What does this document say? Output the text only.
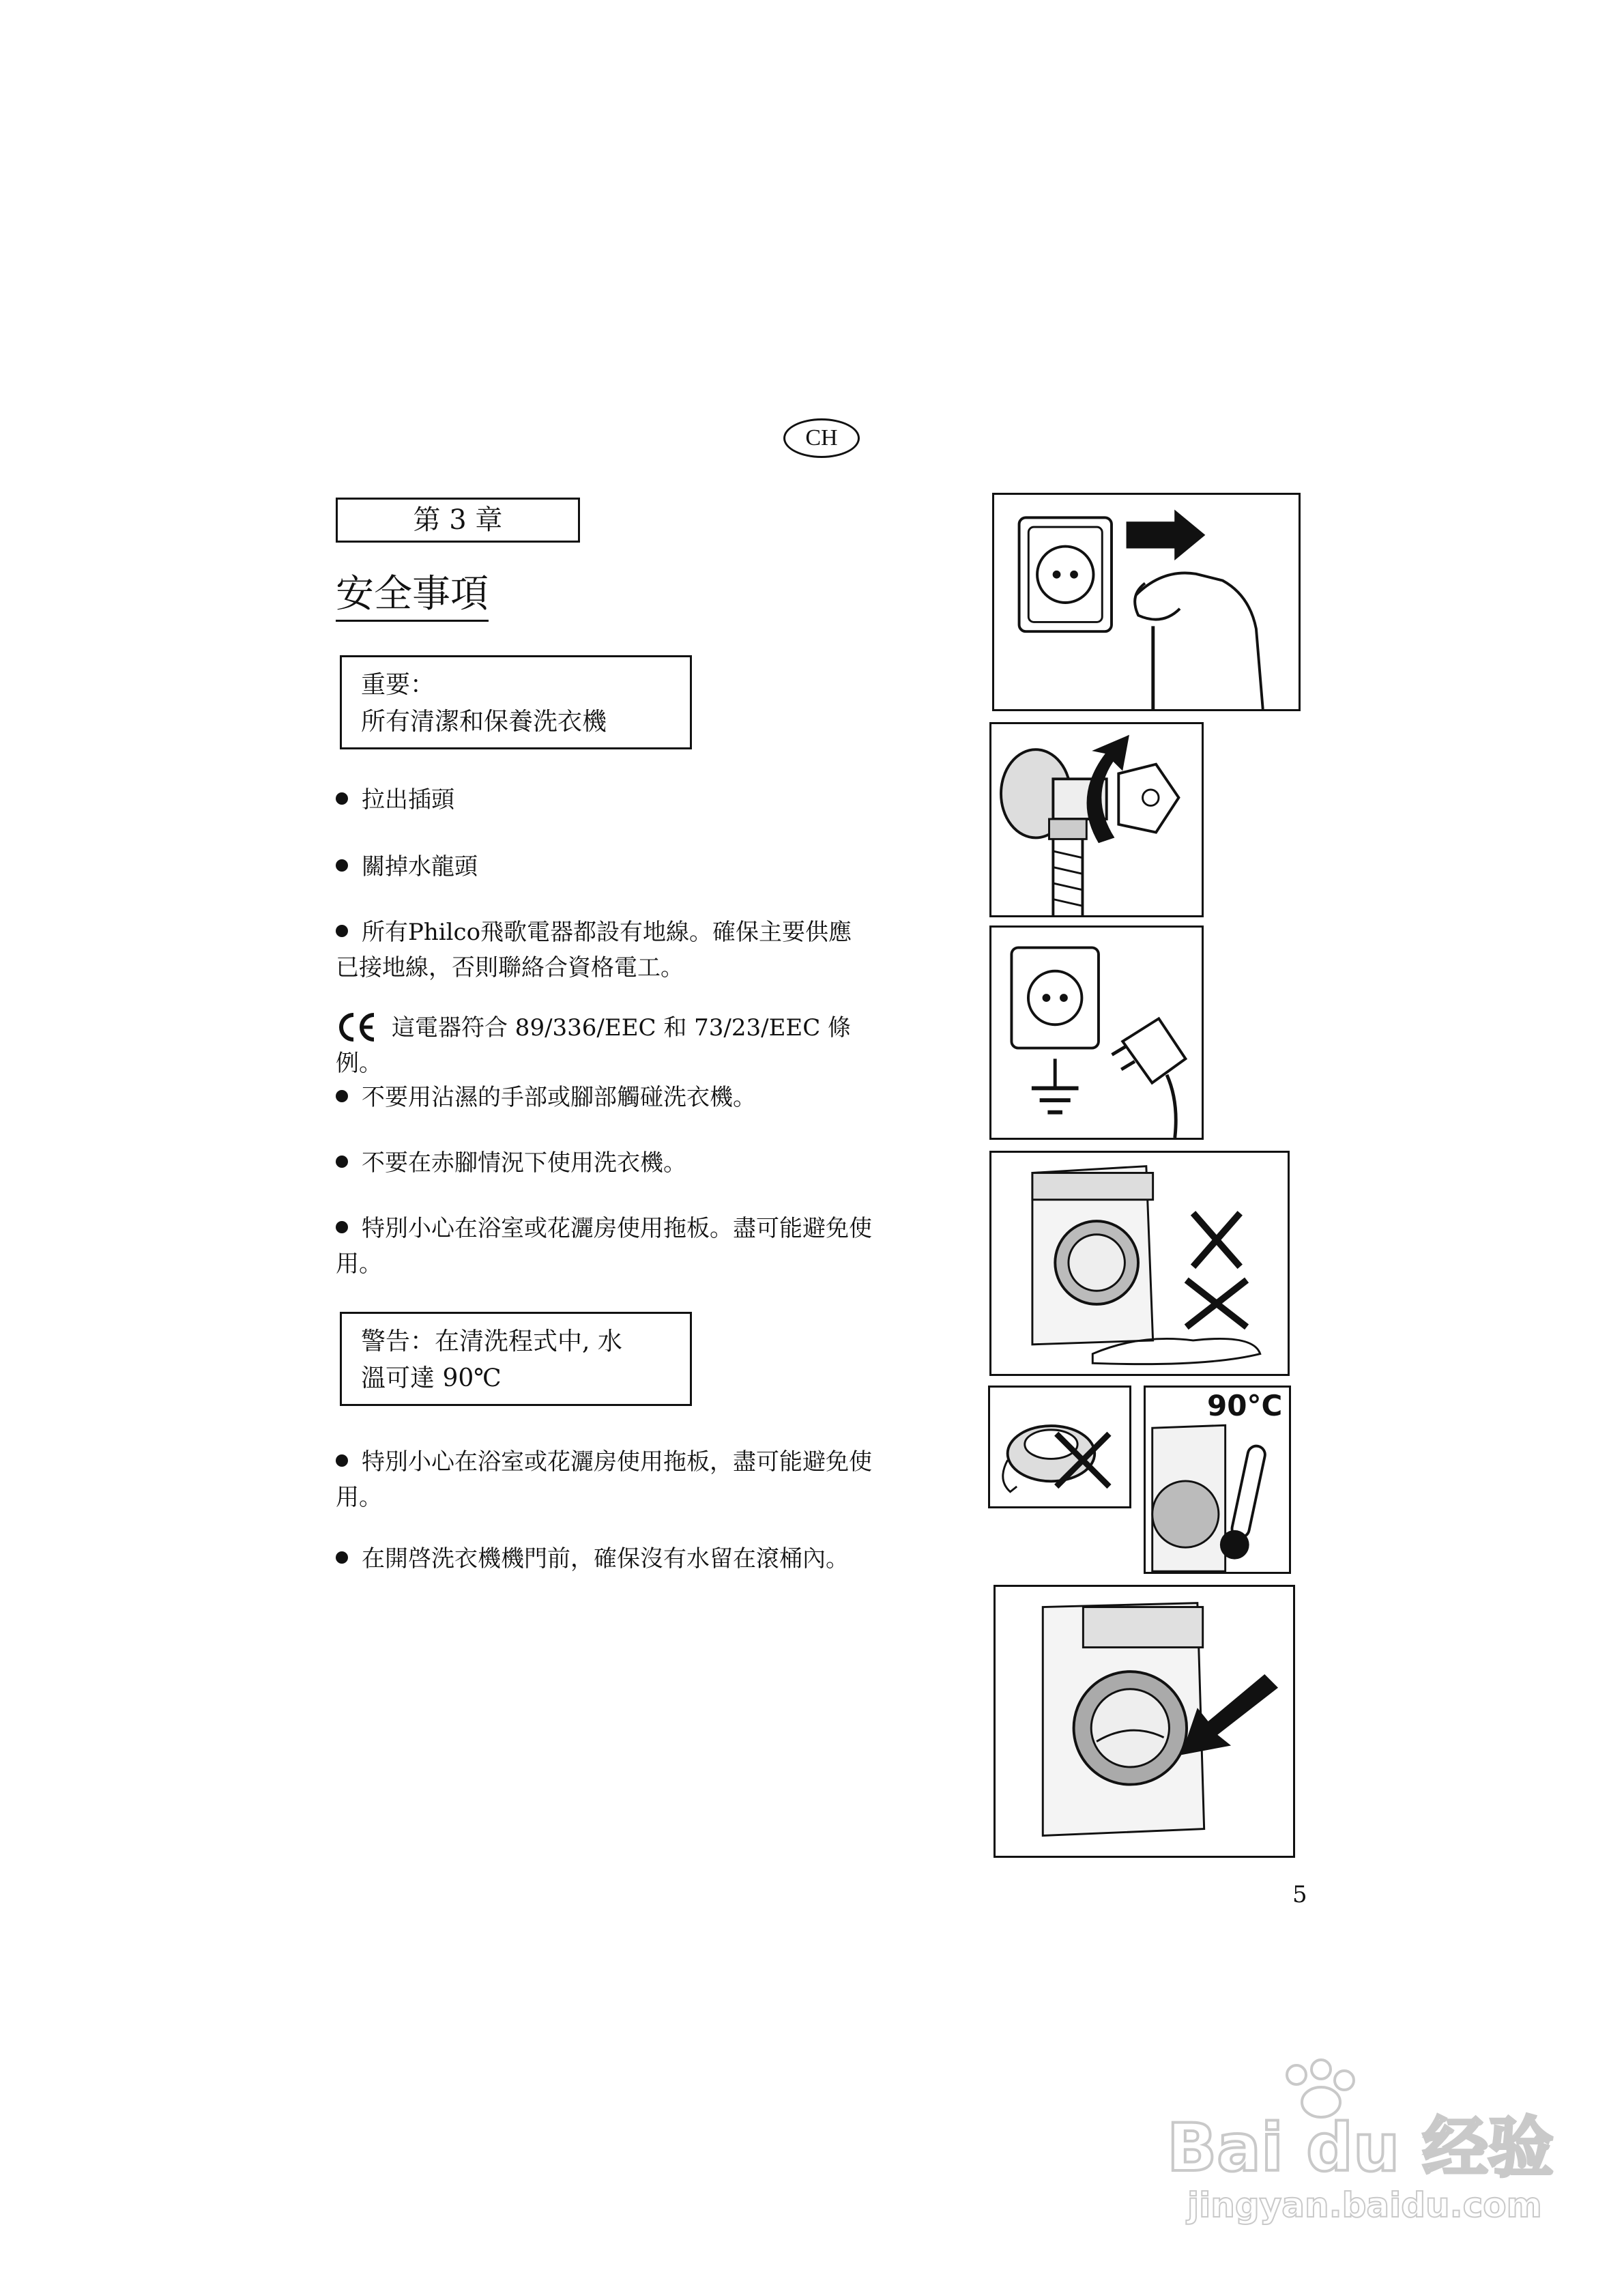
CH
第 3 章
安全事項
重要：
所有清潔和保養洗衣機
拉出插頭
關掉水龍頭
所有Philco飛歌電器都設有地線。確保主要供應已接地線，否則聯絡合資格電工。
這電器符合 89/336/EEC 和 73/23/EEC 條例。
不要用沾濕的手部或腳部觸碰洗衣機。
不要在赤腳情況下使用洗衣機。
特別小心在浴室或花灑房使用拖板。盡可能避免使用。
警告：在清洗程式中, 水
溫可達 90℃
特別小心在浴室或花灑房使用拖板，盡可能避免使用。
在開啓洗衣機機門前，確保沒有水留在滾桶內。
90°C
5
Bai du 经验
jingyan.baidu.com
